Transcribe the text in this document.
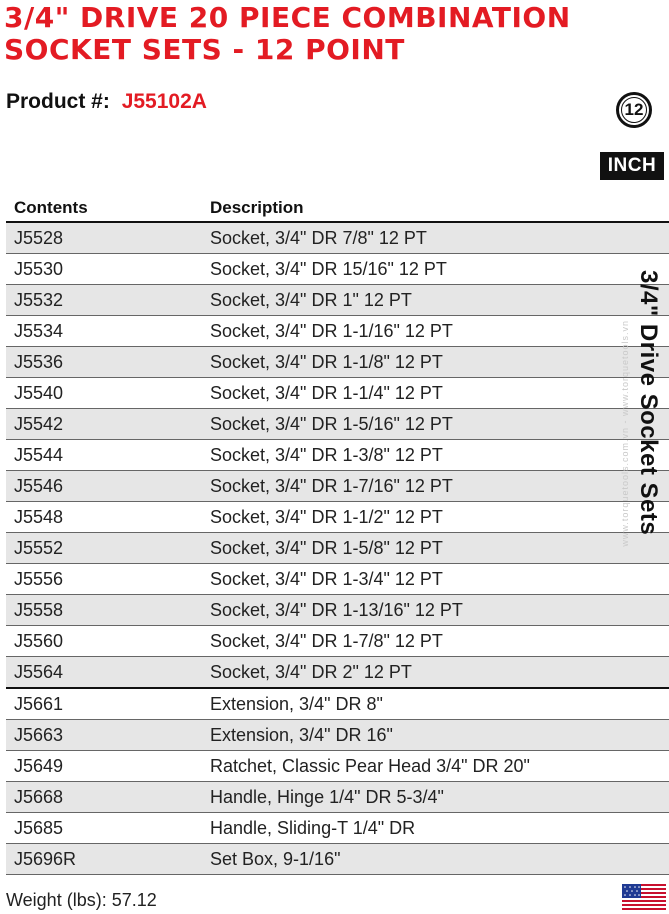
3/4" DRIVE 20 PIECE COMBINATION
SOCKET SETS - 12 POINT
Product #: J55102A	12
INCH
Contents	Description
J5528	Socket, 3/4" DR 7/8" 12 PT
J5530	Socket, 3/4" DR 15/16" 12 PT
J5532	Socket, 3/4" DR 1" 12 PT
J5534	Socket, 3/4" DR 1-1/16" 12 PT
J5536	Socket, 3/4" DR 1-1/8" 12 PT
J5540	Socket, 3/4" DR 1-1/4" 12 PT
J5542	Socket, 3/4" DR 1-5/16" 12 PT
J5544	Socket, 3/4" DR 1-3/8" 12 PT
J5546	Socket, 3/4" DR 1-7/16" 12 PT
J5548	Socket, 3/4" DR 1-1/2" 12 PT
J5552	Socket, 3/4" DR 1-5/8" 12 PT
J5556	Socket, 3/4" DR 1-3/4" 12 PT
J5558	Socket, 3/4" DR 1-13/16" 12 PT
J5560	Socket, 3/4" DR 1-7/8" 12 PT
J5564	Socket, 3/4" DR 2" 12 PT
J5661	Extension, 3/4" DR 8"
J5663	Extension, 3/4" DR 16"
J5649	Ratchet, Classic Pear Head 3/4" DR 20"
J5668	Handle, Hinge 1/4" DR 5-3/4"
J5685	Handle, Sliding-T 1/4" DR
J5696R	Set Box, 9-1/16"
3/4" Drive Socket Sets
www.torquetools.com.vn - www.torquetools.vn
Weight (lbs): 57.12
